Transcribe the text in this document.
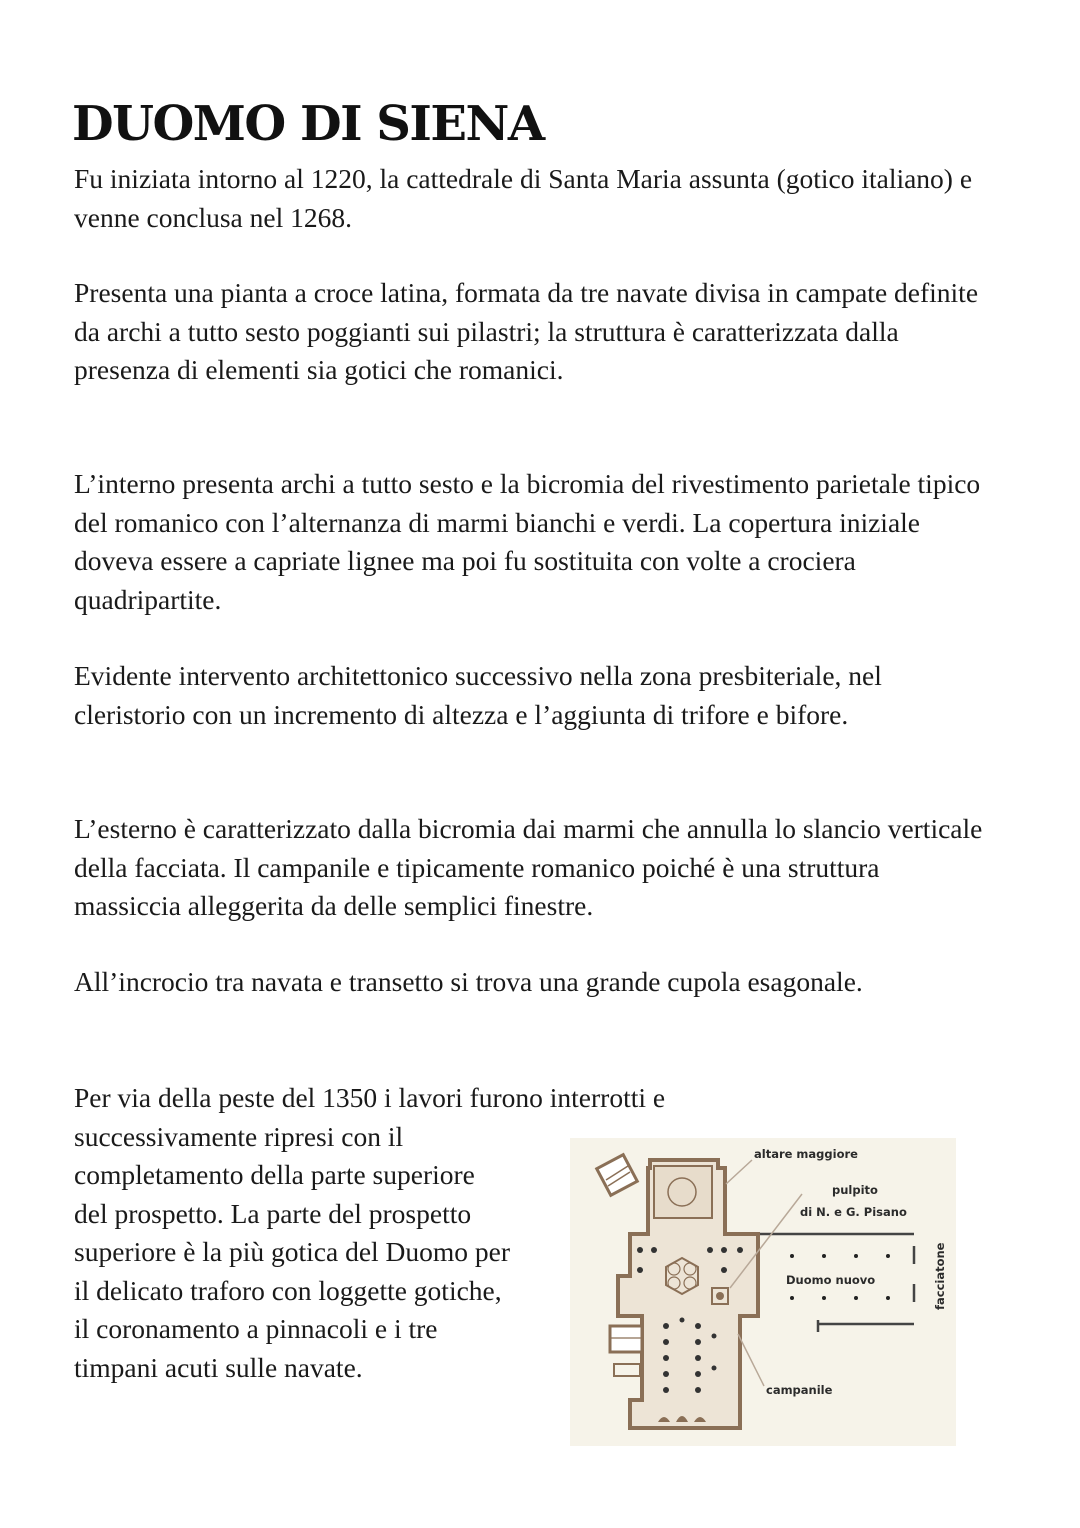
DUOMO DI SIENA

Fu iniziata intorno al 1220, la cattedrale di Santa Maria assunta (gotico italiano) e venne conclusa nel 1268.

Presenta una pianta a croce latina, formata da tre navate divisa in campate definite da archi a tutto sesto poggianti sui pilastri; la struttura è caratterizzata dalla presenza di elementi sia gotici che romanici.

L’interno presenta archi a tutto sesto e la bicromia del rivestimento parietale tipico del romanico con l’alternanza di marmi bianchi e verdi. La copertura iniziale doveva essere a capriate lignee ma poi fu sostituita con volte a crociera quadripartite.

Evidente intervento architettonico successivo nella zona presbiteriale, nel cleristorio con un incremento di altezza e l’aggiunta di trifore e bifore.

L’esterno è caratterizzato dalla bicromia dai marmi che annulla lo slancio verticale della facciata. Il campanile e tipicamente romanico poiché è una struttura massiccia alleggerita da delle semplici finestre.

All’incrocio tra navata e transetto si trova una grande cupola esagonale.

Per via della peste del 1350 i lavori furono interrotti e
successivamente ripresi con il completamento della parte superiore del prospetto. La parte del prospetto superiore è la più gotica del Duomo per il delicato traforo con loggette gotiche, il coronamento a pinnacoli e i tre timpani acuti sulle navate.

altare maggiore
pulpito
di N. e G. Pisano
Duomo nuovo	facciatone
campanile
